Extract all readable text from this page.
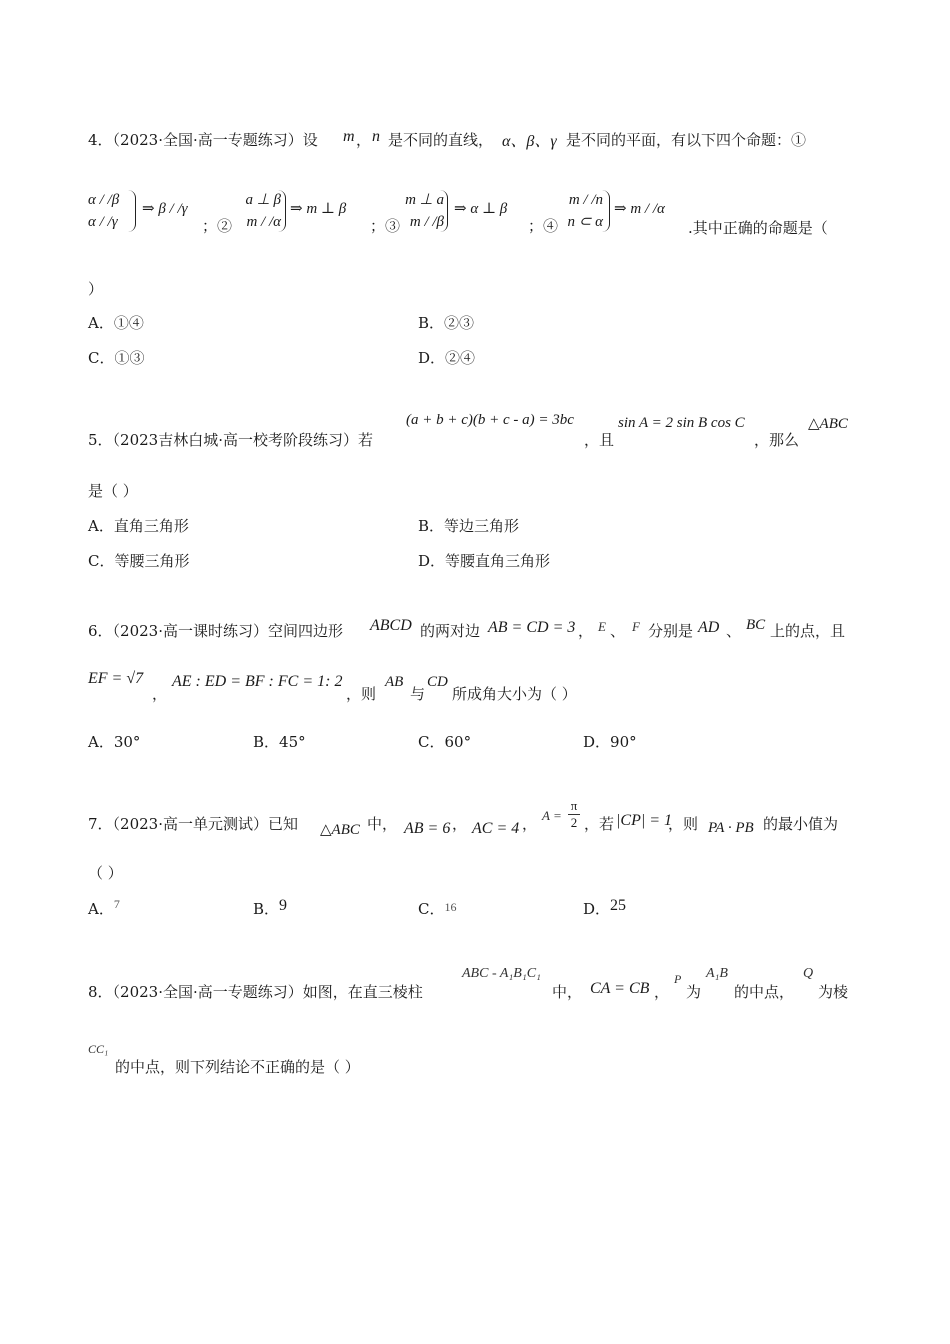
4．（2023·全国·高一专题练习）设 m ， n 是不同的直线， α、β、γ 是不同的平面，有以下四个命题：①
α / /β
α / /γ
⇒ β / /γ
；②
a ⊥ β
m / /α
⇒ m ⊥ β
；③
m ⊥ a
m / /β
⇒ α ⊥ β
；④
m / /n
n ⊂ α
⇒ m / /α
.其中正确的命题是（
）
A．①④	B．②③
C．①③	D．②④
5．（2023吉林白城·高一校考阶段练习）若
(a + b + c)(b + c - a) = 3bc
，且
sin A = 2 sin B cos C
，那么
△ABC
是（ ）
A．直角三角形	B．等边三角形
C．等腰三角形	D．等腰直角三角形
6．（2023·高一课时练习）空间四边形 ABCD 的两对边 AB = CD = 3 ， E 、 F 分别是 AD 、 BC 上的点，且
EF = √7
，
AE : ED = BF : FC = 1: 2
，则
AB
与
CD
所成角大小为（ ）
A．30°	B．45°	C．60°	D．90°
7．（2023·高一单元测试）已知 △ABC 中， AB = 6 ， AC = 4 ， $A = \frac{\pi}{2}$ ，若 |CP| = 1
，则 PA · PB 的最小值为
（ ）
A．$^7$	B．9	C．$^{16}$	D．25
8．（2023·全国·高一专题练习）如图，在直三棱柱
ABC - A₁B₁C₁
中， CA = CB ，
P
为
A₁B
的中点，
Q
为棱
CC₁
的中点，则下列结论不正确的是（ ）
